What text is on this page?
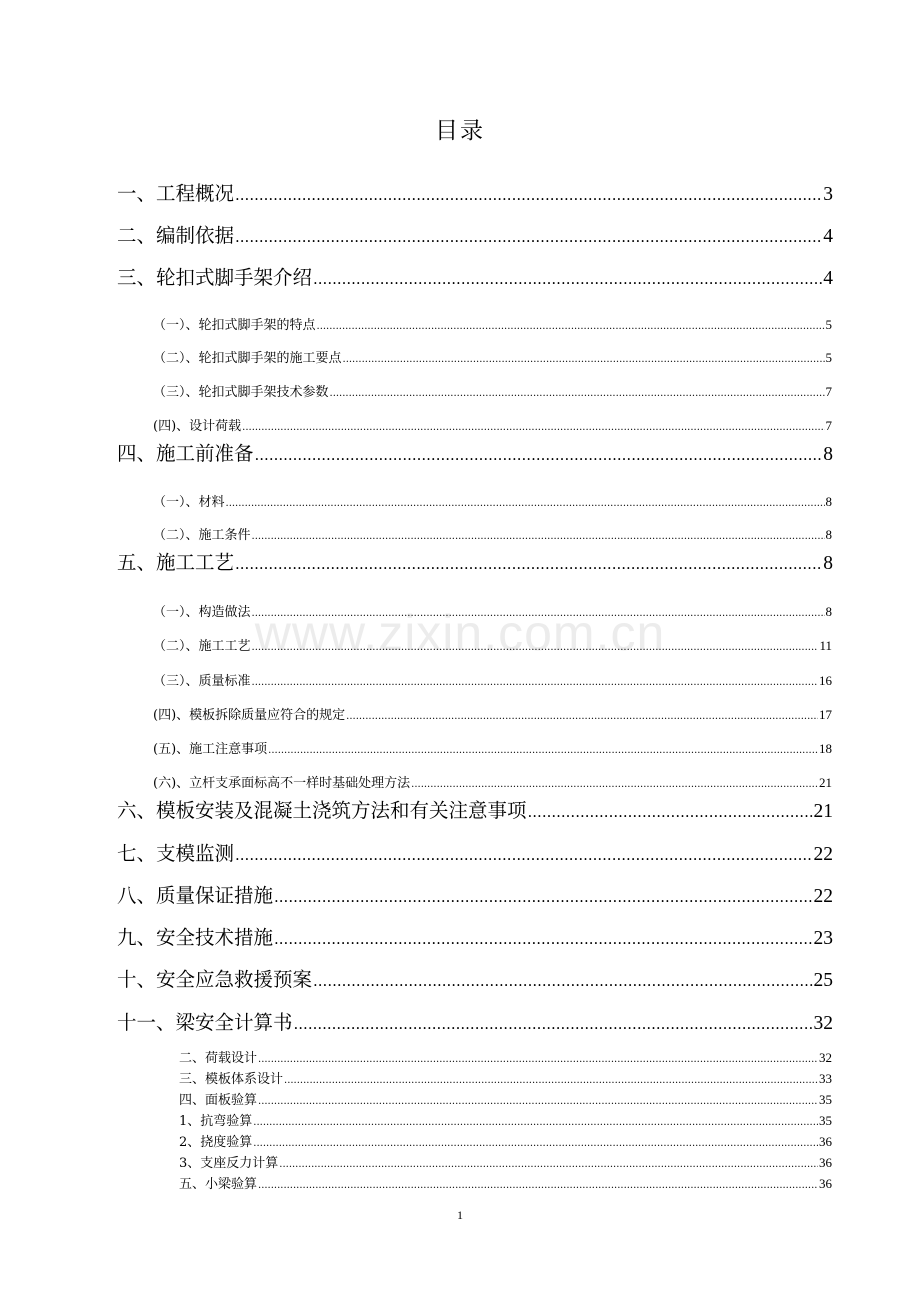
目录
www.zixin.com.cn
一、工程概况 .....	3
二、编制依据 .....	4
三、轮扣式脚手架介绍 .....	4
（一）、轮扣式脚手架的特点 .....	5
（二）、轮扣式脚手架的施工要点 .....	5
（三）、轮扣式脚手架技术参数 .....	7
(四)、设计荷载 .....	7
四、施工前准备 .....	8
（一）、材料 .....	8
（二）、施工条件 .....	8
五、施工工艺 .....	8
（一）、构造做法 .....	8
（二）、施工工艺 .....	11
（三）、质量标准 .....	16
(四)、模板拆除质量应符合的规定 .....	17
(五)、施工注意事项 .....	18
(六)、立杆支承面标高不一样时基础处理方法 .....	21
六、模板安装及混凝土浇筑方法和有关注意事项 .....	21
七、支模监测 .....	22
八、质量保证措施 .....	22
九、安全技术措施 .....	23
十、安全应急救援预案 .....	25
十一、梁安全计算书 .....	32
二、荷载设计 .....	32
三、模板体系设计 .....	33
四、面板验算 .....	35
1、抗弯验算 .....	35
2、挠度验算 .....	36
3、支座反力计算 .....	36
五、小梁验算 .....	36
1
